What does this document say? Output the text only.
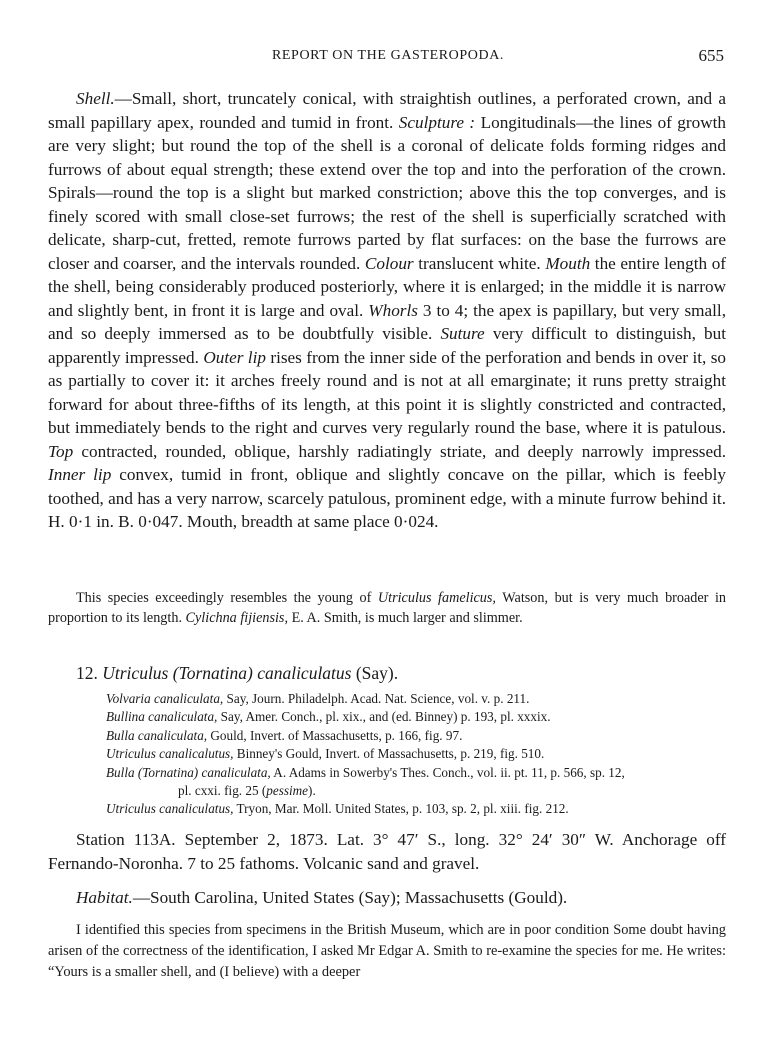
REPORT ON THE GASTEROPODA.	655

Shell.—Small, short, truncately conical, with straightish outlines, a perforated crown, and a small papillary apex, rounded and tumid in front. Sculpture : Longitudinals—the lines of growth are very slight; but round the top of the shell is a coronal of delicate folds forming ridges and furrows of about equal strength; these extend over the top and into the perforation of the crown. Spirals—round the top is a slight but marked constriction; above this the top converges, and is finely scored with small close-set furrows; the rest of the shell is superficially scratched with delicate, sharp-cut, fretted, remote furrows parted by flat surfaces: on the base the furrows are closer and coarser, and the intervals rounded. Colour translucent white. Mouth the entire length of the shell, being considerably produced posteriorly, where it is enlarged; in the middle it is narrow and slightly bent, in front it is large and oval. Whorls 3 to 4; the apex is papillary, but very small, and so deeply immersed as to be doubtfully visible. Suture very difficult to distinguish, but apparently impressed. Outer lip rises from the inner side of the perforation and bends in over it, so as partially to cover it: it arches freely round and is not at all emarginate; it runs pretty straight forward for about three-fifths of its length, at this point it is slightly constricted and contracted, but immediately bends to the right and curves very regularly round the base, where it is patulous. Top contracted, rounded, oblique, harshly radiatingly striate, and deeply narrowly impressed. Inner lip convex, tumid in front, oblique and slightly concave on the pillar, which is feebly toothed, and has a very narrow, scarcely patulous, prominent edge, with a minute furrow behind it. H. 0·1 in. B. 0·047. Mouth, breadth at same place 0·024.

This species exceedingly resembles the young of Utriculus famelicus, Watson, but is very much broader in proportion to its length. Cylichna fijiensis, E. A. Smith, is much larger and slimmer.

12. Utriculus (Tornatina) canaliculatus (Say).
Volvaria canaliculata, Say, Journ. Philadelph. Acad. Nat. Science, vol. v. p. 211.
Bullina canaliculata, Say, Amer. Conch., pl. xix., and (ed. Binney) p. 193, pl. xxxix.
Bulla canaliculata, Gould, Invert. of Massachusetts, p. 166, fig. 97.
Utriculus canalicalutus, Binney's Gould, Invert. of Massachusetts, p. 219, fig. 510.
Bulla (Tornatina) canaliculata, A. Adams in Sowerby's Thes. Conch., vol. ii. pt. 11, p. 566, sp. 12,
pl. cxxi. fig. 25 (pessime).
Utriculus canaliculatus, Tryon, Mar. Moll. United States, p. 103, sp. 2, pl. xiii. fig. 212.

Station 113A. September 2, 1873. Lat. 3° 47′ S., long. 32° 24′ 30″ W. Anchorage off Fernando-Noronha. 7 to 25 fathoms. Volcanic sand and gravel.

Habitat.—South Carolina, United States (Say); Massachusetts (Gould).

I identified this species from specimens in the British Museum, which are in poor condition Some doubt having arisen of the correctness of the identification, I asked Mr Edgar A. Smith to re-examine the species for me. He writes: “Yours is a smaller shell, and (I believe) with a deeper
